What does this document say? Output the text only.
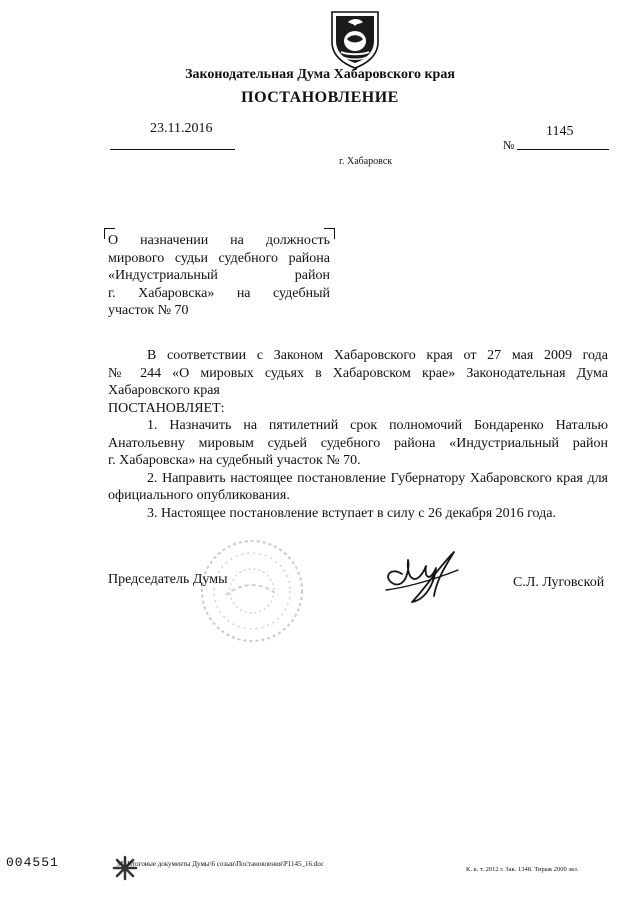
Законодательная Дума Хабаровского края
ПОСТАНОВЛЕНИЕ
23.11.2016	1145
№
г. Хабаровск
О назначении на должность
мирового судьи судебного района
«Индустриальный район
г. Хабаровска» на судебный
участок № 70

В соответствии с Законом Хабаровского края от 27 мая 2009 года

№ 244 «О мировых судьях в Хабаровском крае» Законодательная Дума

Хабаровского края

ПОСТАНОВЛЯЕТ:

1. Назначить на пятилетний срок полномочий Бондаренко Наталью

Анатольевну мировым судьей судебного района «Индустриальный район

г. Хабаровска» на судебный участок № 70.

2. Направить настоящее постановление Губернатору Хабаровского края для

официального опубликования.

3. Настоящее постановление вступает в силу с 26 декабря 2016 года.

Председатель Думы	С.Л. Луговской
004551	M:\Итоговые документы Думы\6 созыв\Постановления\P1145_16.doc
К. к. т. 2012 г. Зак. 1348. Тираж 2000 экз.
